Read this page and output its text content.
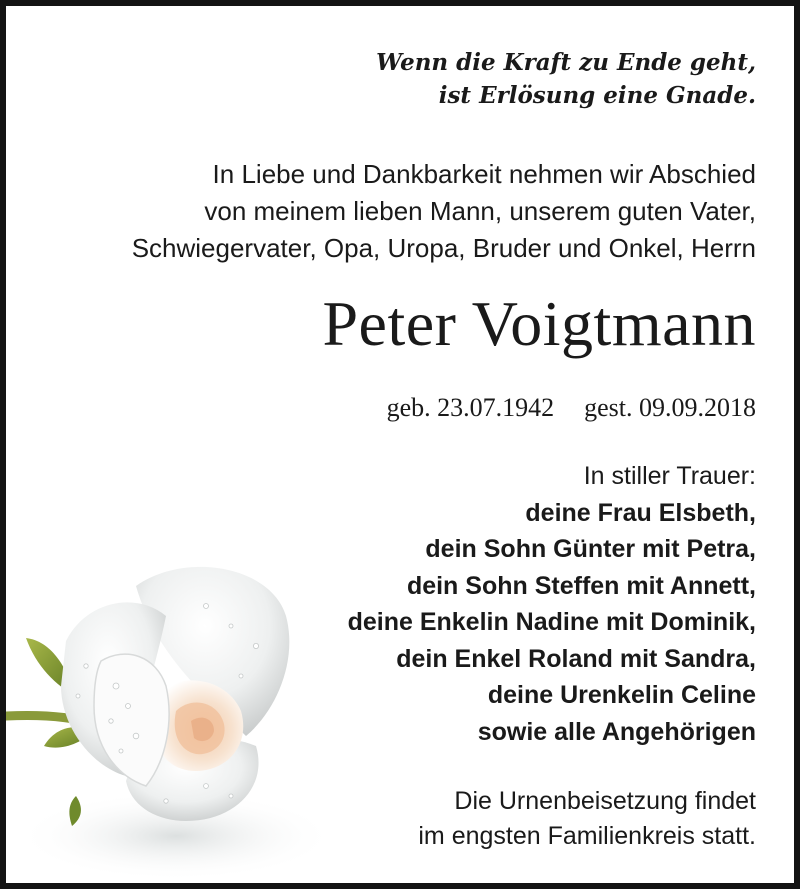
Wenn die Kraft zu Ende geht,
ist Erlösung eine Gnade.
In Liebe und Dankbarkeit nehmen wir Abschied
von meinem lieben Mann, unserem guten Vater,
Schwiegervater, Opa, Uropa, Bruder und Onkel, Herrn
Peter Voigtmann
geb. 23.07.1942 gest. 09.09.2018
In stiller Trauer:
deine Frau Elsbeth,
dein Sohn Günter mit Petra,
dein Sohn Steffen mit Annett,
deine Enkelin Nadine mit Dominik,
dein Enkel Roland mit Sandra,
deine Urenkelin Celine
sowie alle Angehörigen
Die Urnenbeisetzung findet
im engsten Familienkreis statt.
